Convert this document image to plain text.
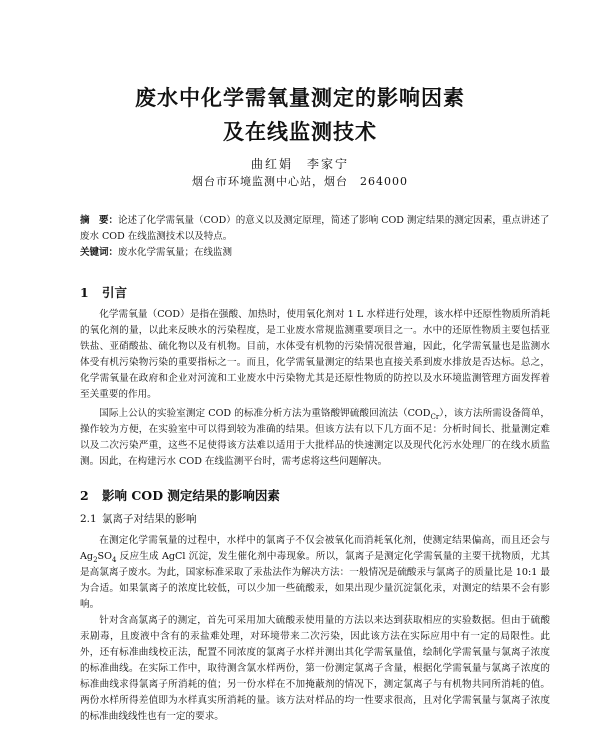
废水中化学需氧量测定的影响因素
及在线监测技术
曲红娟　李家宁
烟台市环境监测中心站，烟台　264000
摘　要：论述了化学需氧量（COD）的意义以及测定原理，简述了影响 COD 测定结果的测定因素，重点讲述了废水 COD 在线监测技术以及特点。
关键词：废水化学需氧量；在线监测
1 引言

化学需氧量（COD）是指在强酸、加热时，使用氧化剂对 1 L 水样进行处理，该水样中还原性物质所消耗的氧化剂的量，以此来反映水的污染程度，是工业废水常规监测重要项目之一。水中的还原性物质主要包括亚铁盐、亚硝酸盐、硫化物以及有机物。目前，水体受有机物的污染情况很普遍，因此，化学需氧量也是监测水体受有机污染物污染的重要指标之一。而且，化学需氧量测定的结果也直接关系到废水排放是否达标。总之，化学需氧量在政府和企业对河流和工业废水中污染物尤其是还原性物质的防控以及水环境监测管理方面发挥着至关重要的作用。

国际上公认的实验室测定 COD 的标准分析方法为重铬酸钾硫酸回流法$(COD_{Cr})$，该方法所需设备简单，操作较为方便，在实验室中可以得到较为准确的结果。但该方法有以下几方面不足：分析时间长、批量测定难以及二次污染严重，这些不足使得该方法难以适用于大批样品的快速测定以及现代化污水处理厂的在线水质监测。因此，在构建污水 COD 在线监测平台时，需考虑将这些问题解决。

2 影响 COD 测定结果的影响因素
2.1 氯离子对结果的影响

在测定化学需氧量的过程中，水样中的氯离子不仅会被氧化而消耗氧化剂，使测定结果偏高，而且还会与 $Ag_2SO_4$ 反应生成 AgCl 沉淀，发生催化剂中毒现象。所以，氯离子是测定化学需氧量的主要干扰物质，尤其是高氯离子废水。为此，国家标准采取了汞盐法作为解决方法：一般情况是硫酸汞与氯离子的质量比是 10:1 最为合适。如果氯离子的浓度比较低，可以少加一些硫酸汞，如果出现少量沉淀氯化汞，对测定的结果不会有影响。

针对含高氯离子的测定，首先可采用加大硫酸汞使用量的方法以来达到获取相应的实验数据。但由于硫酸汞剧毒，且废液中含有的汞盐难处理，对环境带来二次污染，因此该方法在实际应用中有一定的局限性。此外，还有标准曲线校正法，配置不同浓度的氯离子水样并测出其化学需氧量值，绘制化学需氧量与氯离子浓度的标准曲线。在实际工作中，取待测含氯水样两份，第一份测定氯离子含量，根据化学需氧量与氯离子浓度的标准曲线求得氯离子所消耗的值；另一份水样在不加掩蔽剂的情况下，测定氯离子与有机物共同所消耗的值。两份水样所得差值即为水样真实所消耗的量。该方法对样品的均一性要求很高，且对化学需氧量与氯离子浓度的标准曲线线性也有一定的要求。
